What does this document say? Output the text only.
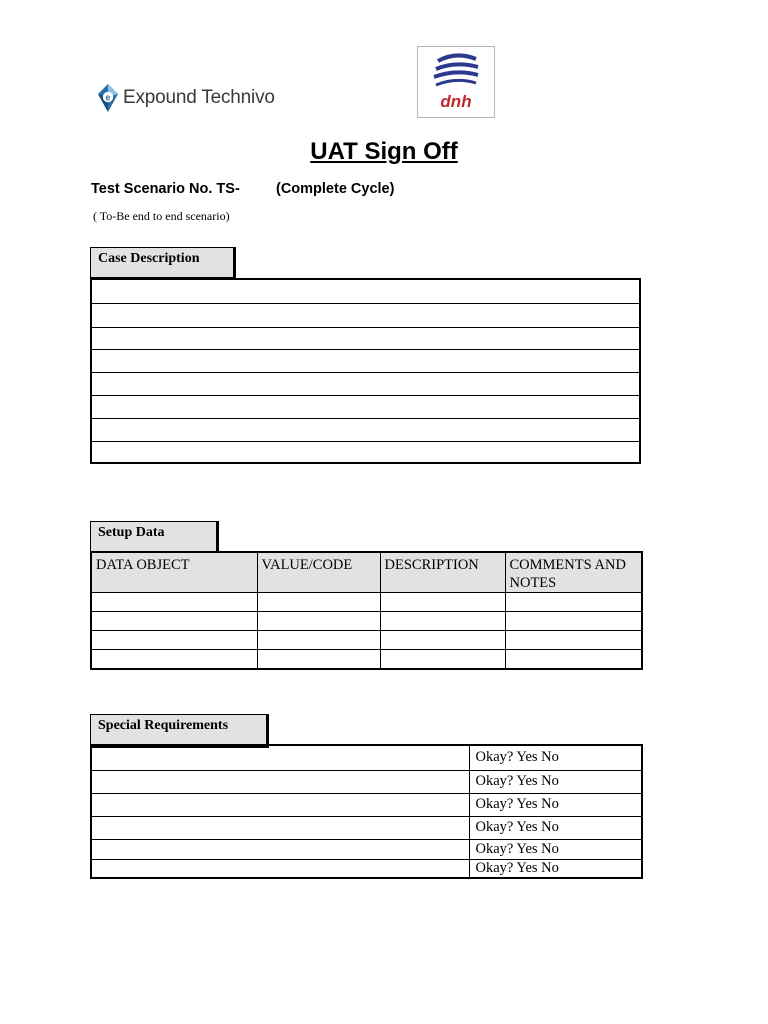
e Expound Technivo	dnh
UAT Sign Off
Test Scenario No. TS- (Complete Cycle)
( To-Be end to end scenario)
Case Description

Setup Data
DATA OBJECT	VALUE/CODE	DESCRIPTION	COMMENTS AND NOTES

Special Requirements
	Okay? Yes No
	Okay? Yes No
	Okay? Yes No
	Okay? Yes No
	Okay? Yes No
	Okay? Yes No
